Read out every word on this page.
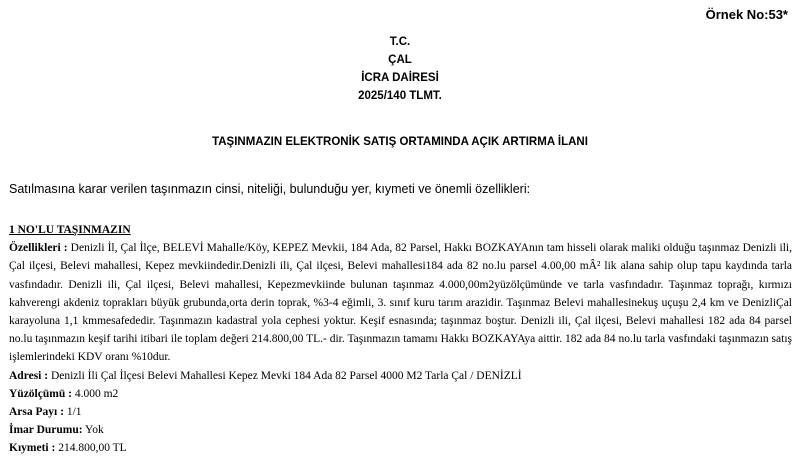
Örnek No:53*
T.C.
ÇAL
İCRA DAİRESİ
2025/140 TLMT.
TAŞINMAZIN ELEKTRONİK SATIŞ ORTAMINDA AÇIK ARTIRMA İLANI
Satılmasına karar verilen taşınmazın cinsi, niteliği, bulunduğu yer, kıymeti ve önemli özellikleri:
1 NO'LU TAŞINMAZIN
Özellikleri : Denizli İl, Çal İlçe, BELEVİ Mahalle/Köy, KEPEZ Mevkii, 184 Ada, 82 Parsel, Hakkı BOZKAYAnın tam hisseli olarak maliki olduğu taşınmaz Denizli ili, Çal ilçesi, Belevi mahallesi, Kepez mevkiindedir.Denizli ili, Çal ilçesi, Belevi mahallesi184 ada 82 no.lu parsel 4.00,00 mÂ² lik alana sahip olup tapu kaydında tarla vasfındadır. Denizli ili, Çal ilçesi, Belevi mahallesi, Kepezmevkiinde bulunan taşınmaz 4.000,00m2yüzölçümünde ve tarla vasfındadır. Taşınmaz toprağı, kırmızı kahverengi akdeniz toprakları büyük grubunda,orta derin toprak, %3-4 eğimli, 3. sınıf kuru tarım arazidir. Taşınmaz Belevi mahallesinekuş uçuşu 2,4 km ve DenizliÇal karayoluna 1,1 kmmesafededir. Taşınmazın kadastral yola cephesi yoktur. Keşif esnasında; taşınmaz boştur. Denizli ili, Çal ilçesi, Belevi mahallesi 182 ada 84 parsel no.lu taşınmazın keşif tarihi itibari ile toplam değeri 214.800,00 TL.- dir. Taşınmazın tamamı Hakkı BOZKAYAya aittir. 182 ada 84 no.lu tarla vasfındaki taşınmazın satış işlemlerindeki KDV oranı %10dur.
Adresi : Denizli İli Çal İlçesi Belevi Mahallesi Kepez Mevki 184 Ada 82 Parsel 4000 M2 Tarla Çal / DENİZLİ
Yüzölçümü : 4.000 m2
Arsa Payı : 1/1
İmar Durumu: Yok
Kıymeti : 214.800,00 TL
